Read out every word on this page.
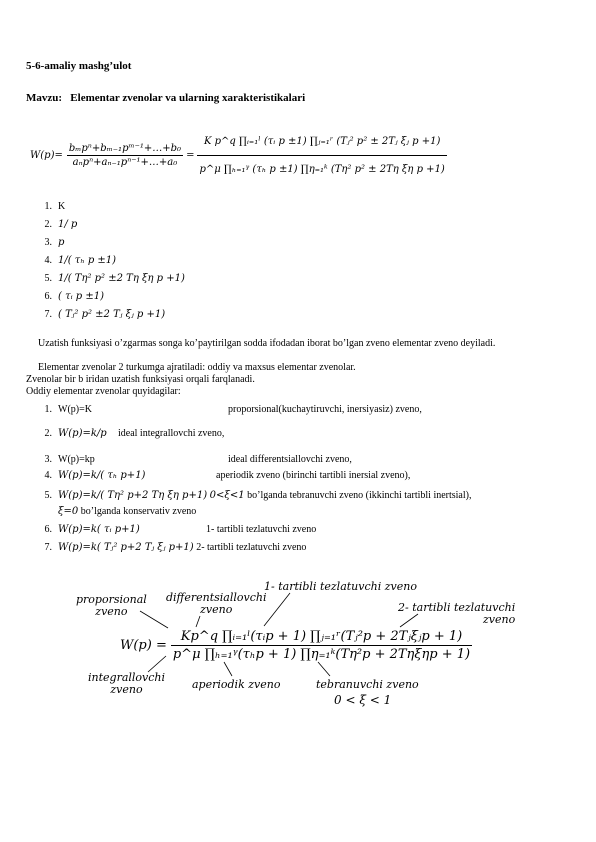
5-6-amaliy mashg’ulot
Mavzu: Elementar zvenolar va ularning xarakteristikalari
$W(p)= \frac{\text{bₘpⁿ+bₘ₋₁pᵐ⁻¹+…+b₀}}{\text{aₙpⁿ+aₙ₋₁pⁿ⁻¹+…+a₀}} = \frac{\text{K p\textasciicircum{}q ∏ᵢ₌₁ˡ (τᵢ p ±1) ∏ⱼ₌₁ʳ (Tⱼ² p² ± 2Tⱼ ξⱼ p +1)}}{\text{p\textasciicircum{}μ ∏ₕ₌₁ᵞ (τₕ p ±1) ∏η₌₁ᵏ (Tη² p² ± 2Tη ξη p +1)}}$
1. K
2. 1/ p
3. p
4. 1/( τₕ p ±1)
5. 1/( Tη² p² ±2 Tη ξη p +1)
6. ( τᵢ p ±1)
7. ( Tⱼ² p² ±2 Tⱼ ξⱼ p +1)
Uzatish funksiyasi o’zgarmas songa ko’paytirilgan sodda ifodadan iborat bo’lgan zveno elementar zveno deyiladi.
Elementar zvenolar 2 turkumga ajratiladi: oddiy va maxsus elementar zvenolar.
Zvenolar bir b iridan uzatish funksiyasi orqali farqlanadi.
Oddiy elementar zvenolar quyidagilar:
1. W(p)=K	proporsional(kuchaytiruvchi, inersiyasiz) zveno,
2. W(p)=k/p ideal integrallovchi zveno,
3. W(p)=kp	ideal differentsiallovchi zveno,
4. W(p)=k/( τₕ p+1)	aperiodik zveno (birinchi tartibli inersial zveno),
5. W(p)=k/( Tη² p+2 Tη ξη p+1) 0<ξ<1 bo’lganda tebranuvchi zveno (ikkinchi tartibli inertsial),
ξ=0 bo’lganda konservativ zveno
6. W(p)=k( τᵢ p+1)	1- tartibli tezlatuvchi zveno
7. W(p)=k( Tⱼ² p+2 Tⱼ ξⱼ p+1) 2- tartibli tezlatuvchi zveno
proporsional
zveno
differentsiallovchi
zveno
1- tartibli tezlatuvchi zveno
2- tartibli tezlatuvchi
zveno
$W(p) = \frac{\text{Kp\textasciicircum{}q ∏ᵢ₌₁ˡ(τᵢp + 1) ∏ⱼ₌₁ʳ(Tⱼ²p + 2Tⱼξⱼp + 1)}}{\text{p\textasciicircum{}μ ∏ₕ₌₁ᵞ(τₕp + 1) ∏η₌₁ᵏ(Tη²p + 2Tηξηp + 1)}}$
integrallovchi
zveno	aperiodik zveno	tebranuvchi zveno
0 < ξ < 1
